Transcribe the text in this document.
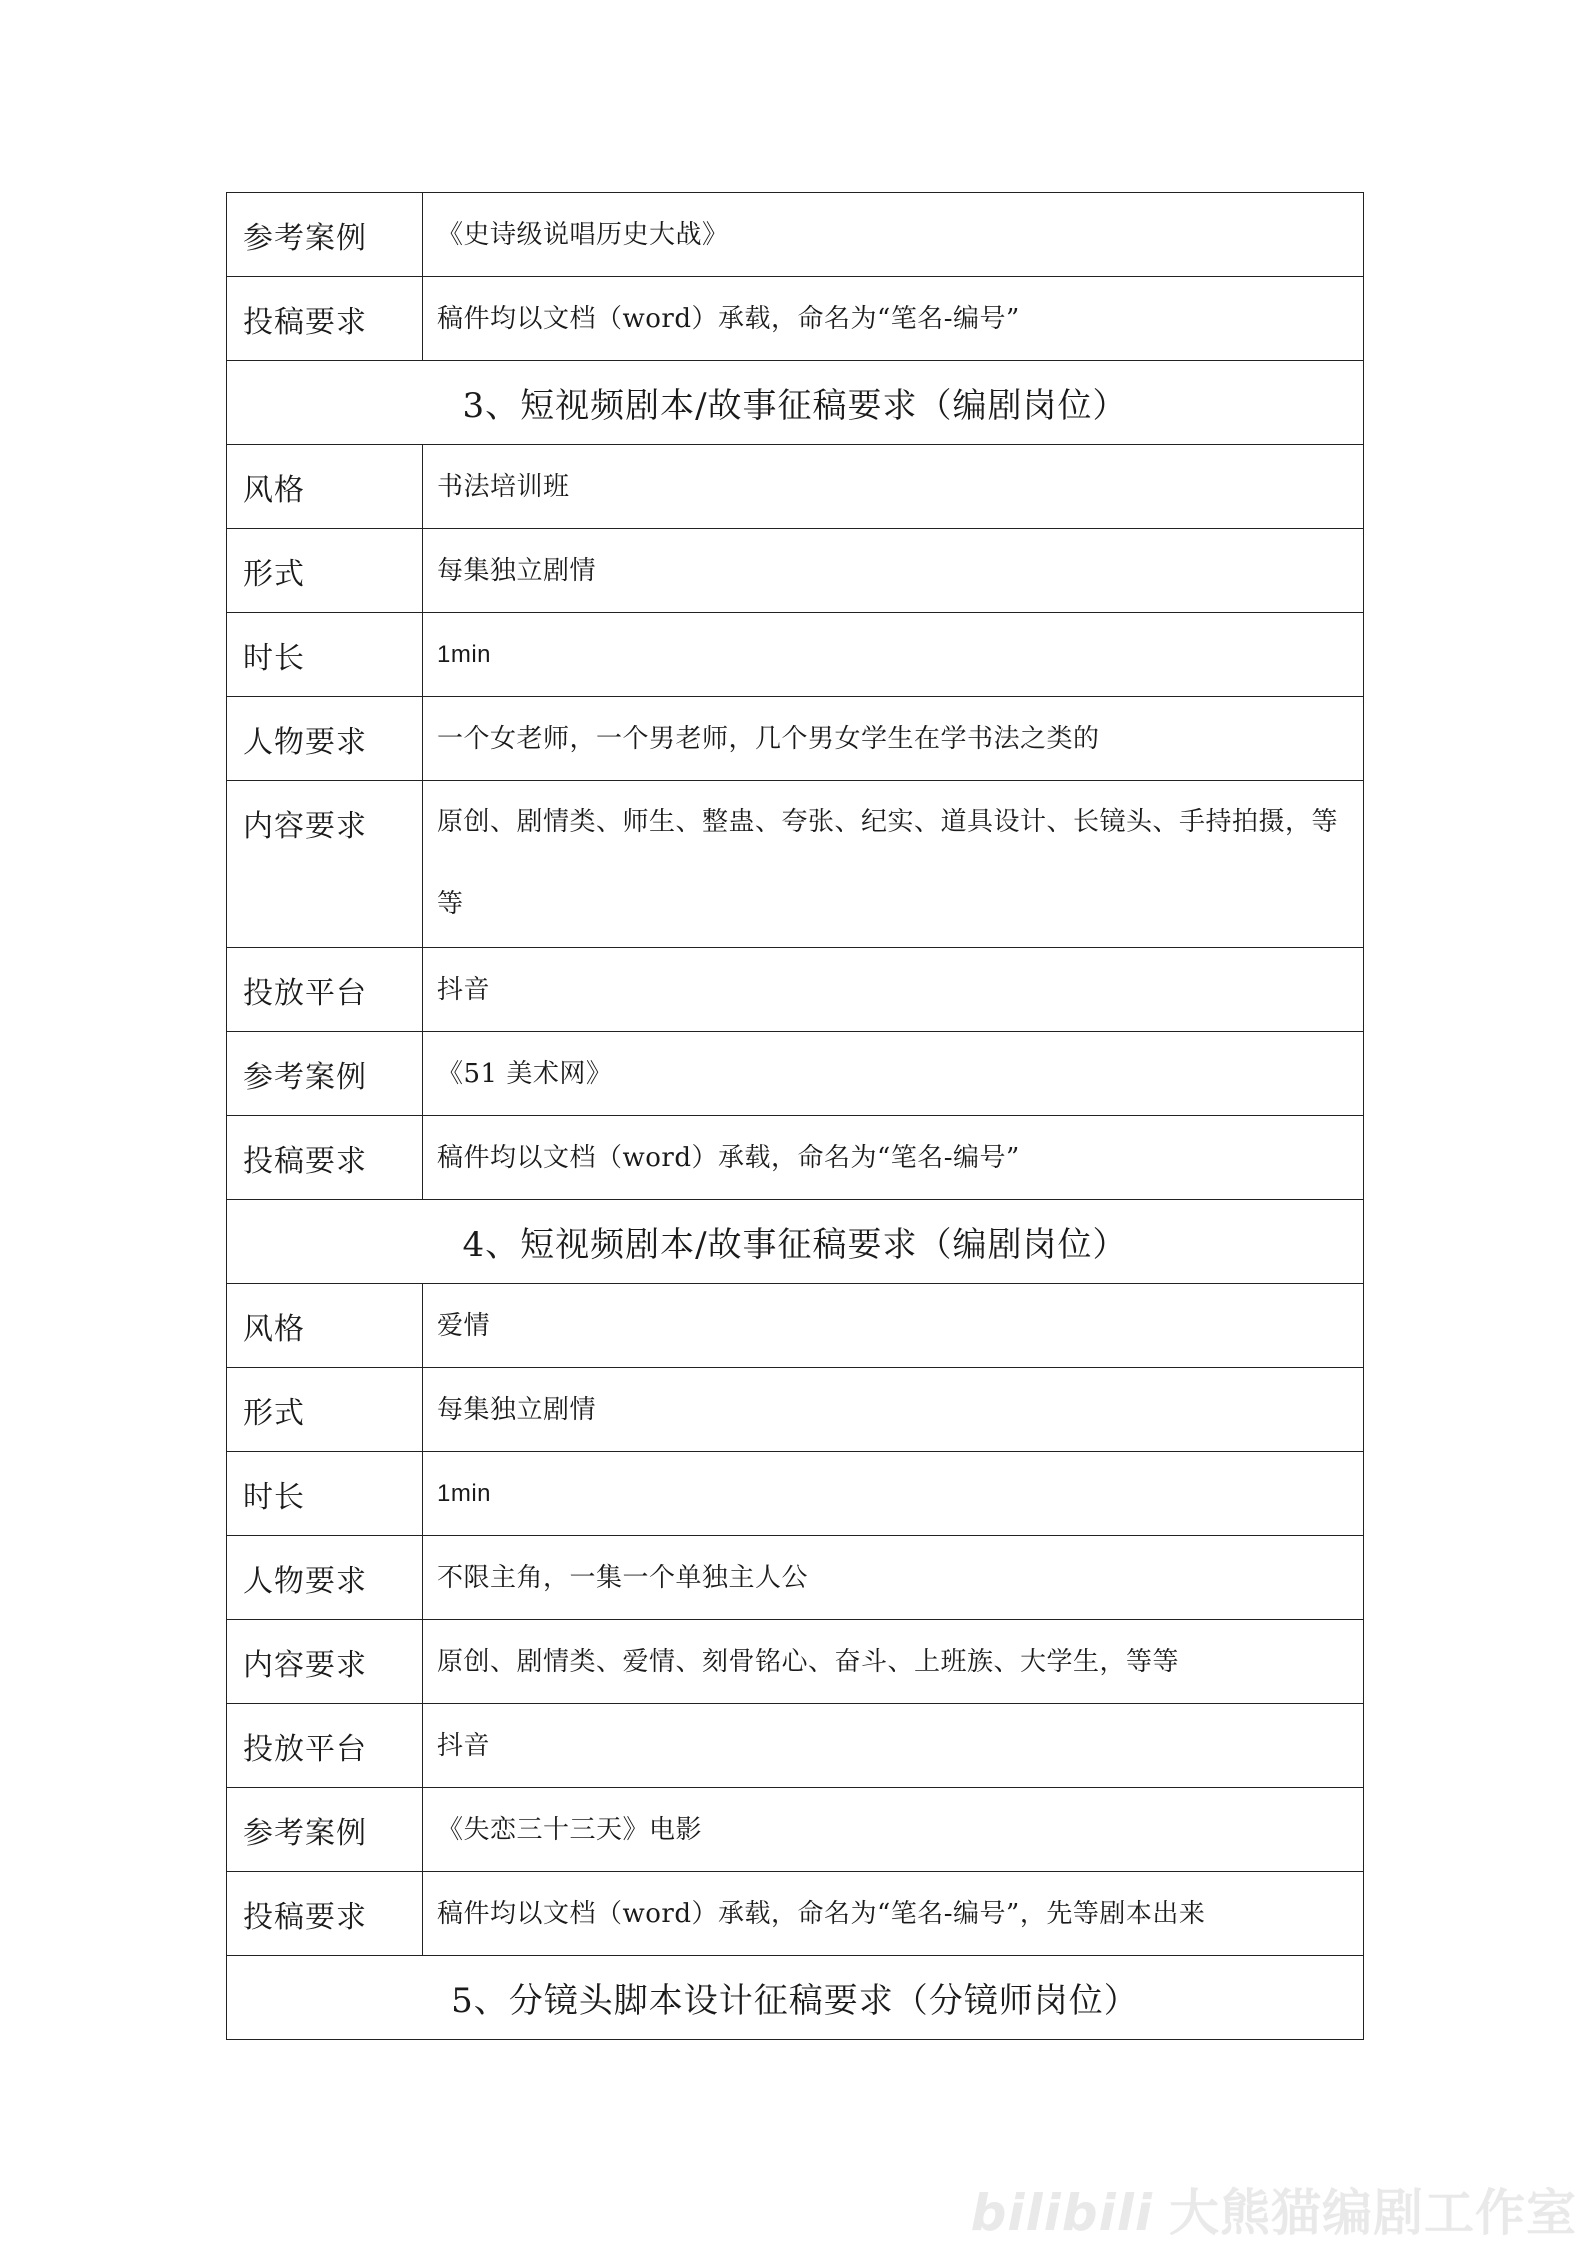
参考案例	《史诗级说唱历史大战》
投稿要求	稿件均以文档（word）承载，命名为“笔名-编号”
3、短视频剧本/故事征稿要求（编剧岗位）	
风格	书法培训班
形式	每集独立剧情
时长	1min
人物要求	一个女老师，一个男老师，几个男女学生在学书法之类的
内容要求	原创、剧情类、师生、整蛊、夸张、纪实、道具设计、长镜头、手持拍摄，等等
投放平台	抖音
参考案例	《51 美术网》
投稿要求	稿件均以文档（word）承载，命名为“笔名-编号”
4、短视频剧本/故事征稿要求（编剧岗位）	
风格	爱情
形式	每集独立剧情
时长	1min
人物要求	不限主角，一集一个单独主人公
内容要求	原创、剧情类、爱情、刻骨铭心、奋斗、上班族、大学生，等等
投放平台	抖音
参考案例	《失恋三十三天》电影
投稿要求	稿件均以文档（word）承载，命名为“笔名-编号”，先等剧本出来
5、分镜头脚本设计征稿要求（分镜师岗位）	
bilibili 大熊猫编剧工作室
